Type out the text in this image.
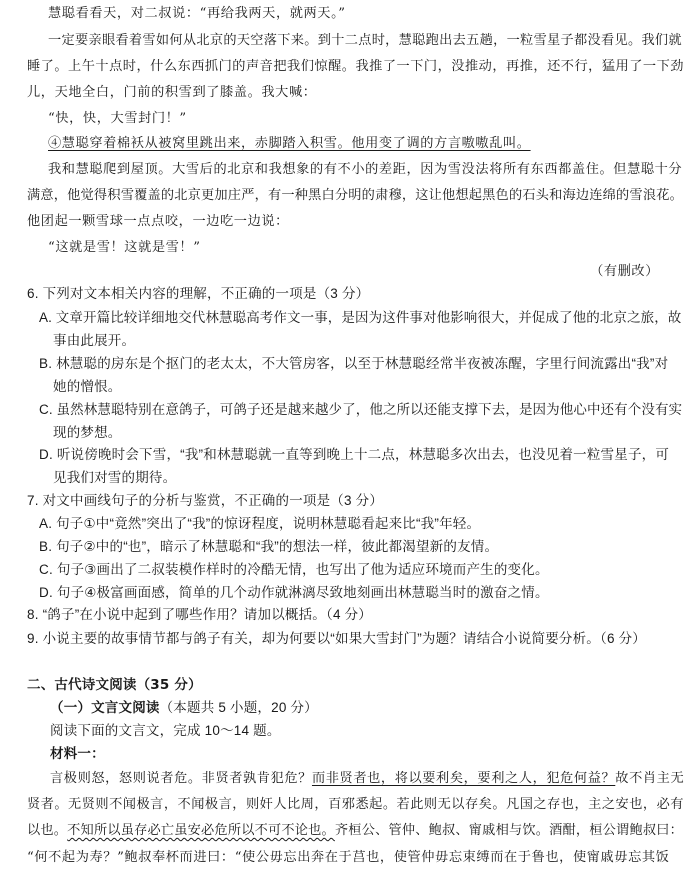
慧聪看看天，对二叔说：“再给我两天，就两天。”
一定要亲眼看着雪如何从北京的天空落下来。到十二点时，慧聪跑出去五趟，一粒雪星子都没看见。我们就
睡了。上午十点时，什么东西抓门的声音把我们惊醒。我推了一下门，没推动，再推，还不行，猛用了一下劲
儿，天地全白，门前的积雪到了膝盖。我大喊：
“快，快，大雪封门！”
④慧聪穿着棉袄从被窝里跳出来，赤脚踏入积雪。他用变了调的方言嗷嗷乱叫。
我和慧聪爬到屋顶。大雪后的北京和我想象的有不小的差距，因为雪没法将所有东西都盖住。但慧聪十分
满意，他觉得积雪覆盖的北京更加庄严，有一种黑白分明的肃穆，这让他想起黑色的石头和海边连绵的雪浪花。
他团起一颗雪球一点点咬，一边吃一边说：
“这就是雪！这就是雪！”
（有删改）
6. 下列对文本相关内容的理解，不正确的一项是（3 分）
A. 文章开篇比较详细地交代林慧聪高考作文一事，是因为这件事对他影响很大，并促成了他的北京之旅，故
事由此展开。
B. 林慧聪的房东是个抠门的老太太，不大管房客，以至于林慧聪经常半夜被冻醒，字里行间流露出“我”对
她的憎恨。
C. 虽然林慧聪特别在意鸽子，可鸽子还是越来越少了，他之所以还能支撑下去，是因为他心中还有个没有实
现的梦想。
D. 听说傍晚时会下雪，“我”和林慧聪就一直等到晚上十二点，林慧聪多次出去，也没见着一粒雪星子，可
见我们对雪的期待。
7. 对文中画线句子的分析与鉴赏，不正确的一项是（3 分）
A. 句子①中“竟然”突出了“我”的惊讶程度，说明林慧聪看起来比“我”年轻。
B. 句子②中的“也”，暗示了林慧聪和“我”的想法一样，彼此都渴望新的友情。
C. 句子③画出了二叔装模作样时的冷酷无情，也写出了他为适应环境而产生的变化。
D. 句子④极富画面感，简单的几个动作就淋漓尽致地刻画出林慧聪当时的激奋之情。
8. “鸽子”在小说中起到了哪些作用？请加以概括。（4 分）
9. 小说主要的故事情节都与鸽子有关，却为何要以“如果大雪封门”为题？请结合小说简要分析。（6 分）
二、古代诗文阅读（35 分）
（一）文言文阅读（本题共 5 小题，20 分）
阅读下面的文言文，完成 10～14 题。
材料一：
言极则怒，怒则说者危。非贤者孰肯犯危？而非贤者也，将以要利矣，要利之人，犯危何益？故不肖主无
贤者。无贤则不闻极言，不闻极言，则奸人比周，百邪悉起。若此则无以存矣。凡国之存也，主之安也，必有
以也。不知所以虽存必亡虽安必危所以不可不论也。齐桓公、管仲、鲍叔、甯戚相与饮。酒酣，桓公谓鲍叔曰：
“何不起为寿？”鲍叔奉杯而进曰：“使公毋忘出奔在于莒也，使管仲毋忘束缚而在于鲁也，使甯戚毋忘其饭
